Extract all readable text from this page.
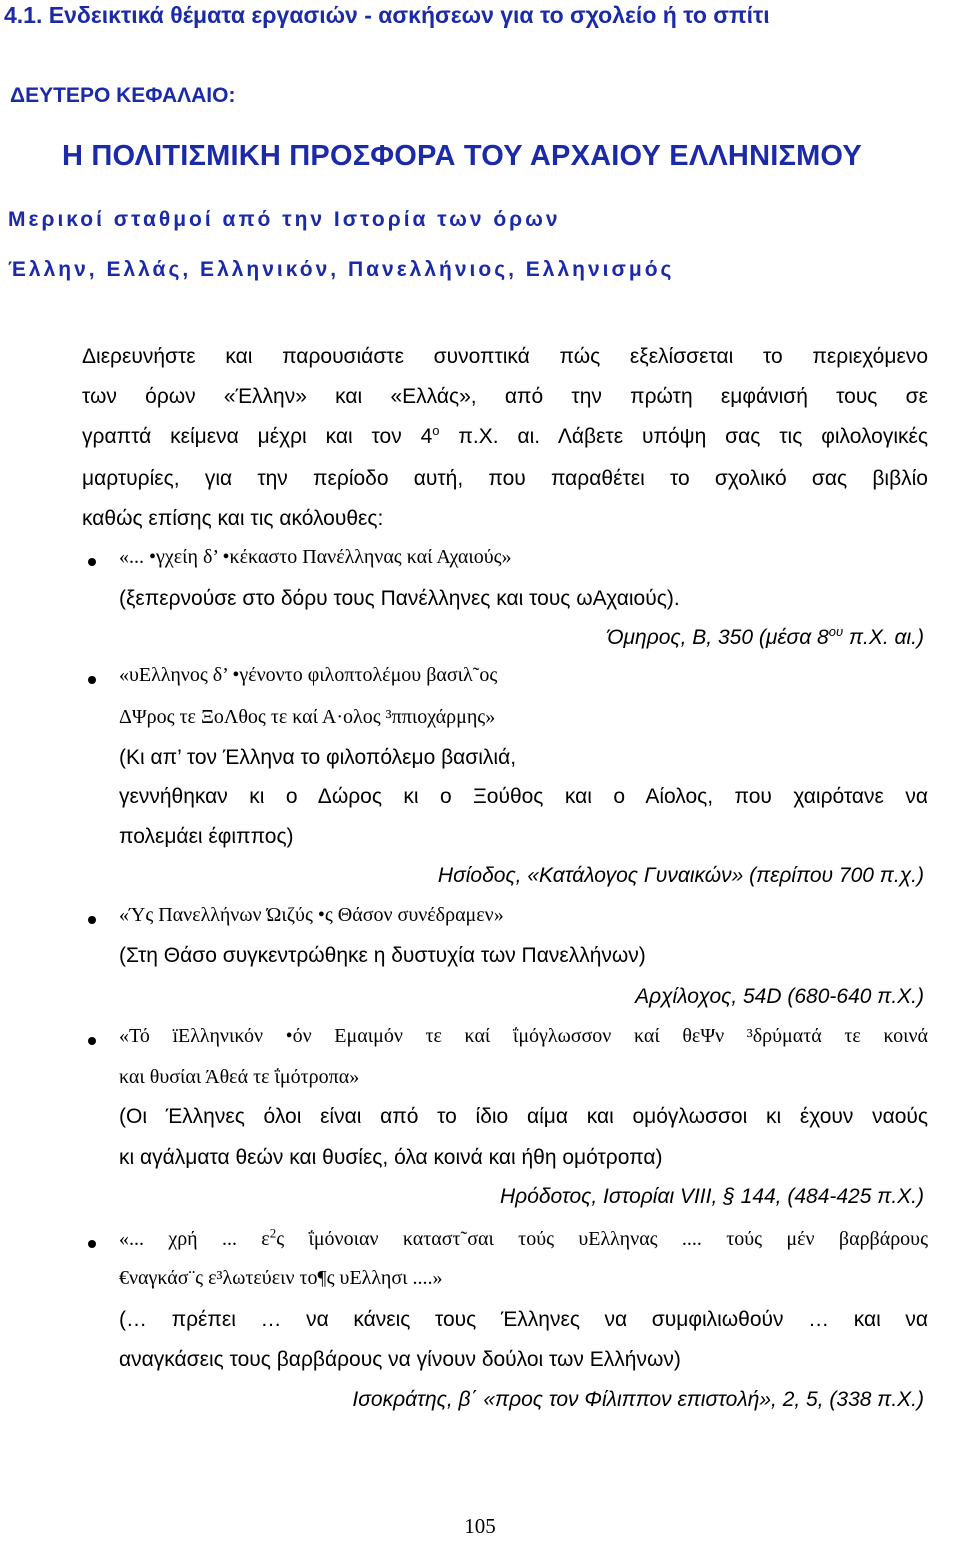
4.1. Ενδεικτικά θέματα εργασιών - ασκήσεων για το σχολείο ή το σπίτι
ΔΕΥΤΕΡΟ ΚΕΦΑΛΑΙΟ:
Η ΠΟΛΙΤΙΣΜΙΚΗ ΠΡΟΣΦΟΡΑ ΤΟΥ ΑΡΧΑΙΟΥ ΕΛΛΗΝΙΣΜΟΥ
Μερικοί σταθμοί από την Ιστορία των όρων
Έλλην, Ελλάς, Ελληνικόν, Πανελλήνιος, Ελληνισμός
Διερευνήστε και παρουσιάστε συνοπτικά πώς εξελίσσεται το περιεχόμενο
των όρων «Έλλην» και «Ελλάς», από την πρώτη εμφάνισή τους σε
γραπτά κείμενα μέχρι και τον $4^o$ π.Χ. αι. Λάβετε υπόψη σας τις φιλολογικές
μαρτυρίες, για την περίοδο αυτή, που παραθέτει το σχολικό σας βιβλίο
καθώς επίσης και τις ακόλουθες:
«... •γχείη δ’ •κέκαστο Πανέλληνας καί Αχαιούς»
(ξεπερνούσε στο δόρυ τους Πανέλληνες και τους ωΑχαιούς).
Όμηρος, Β, 350 (μέσα $8^{o\upsilon}$ π.Χ. αι.)
«υΕλληνος δ’ •γένοντο φιλοπτολέμου βασιλ῀ος
ΔΨρος τε ΞοΛθος τε καί Α·ολος ³ππιοχάρμης»
(Κι απ’ τον Έλληνα το φιλοπόλεμο βασιλιά,
γεννήθηκαν κι ο Δώρος κι ο Ξούθος και ο Αίολος, που χαιρότανε να
πολεμάει έφιππος)
Ησίοδος, «Κατάλογος Γυναικών» (περίπου 700 π.χ.)
«Ύς Πανελλήνων Ώιζύς •ς Θάσον συνέδραμεν»
(Στη Θάσο συγκεντρώθηκε η δυστυχία των Πανελλήνων)
Αρχίλοχος, 54D (680-640 π.Χ.)
«Τό ïΕλληνικόν •όν Εμαιμόν τε καί ΐμόγλωσσον καί θεΨν ³δρύματά τε κοινά
και θυσίαι Άθεά τε ΐμότροπα»
(Οι Έλληνες όλοι είναι από το ίδιο αίμα και ομόγλωσσοι κι έχουν ναούς
κι αγάλματα θεών και θυσίες, όλα κοινά και ήθη ομότροπα)
Ηρόδοτος, Ιστορίαι VIII, § 144, (484-425 π.Χ.)
«... χρή ... $\varepsilon^2\varsigma$ ΐμόνοιαν καταστ῀σαι τούς υΕλληνας .... τούς μέν βαρβάρους
€ναγκάσ¨ς ε³λωτεύειν το¶ς υΕλλησι ....»
(… πρέπει … να κάνεις τους Έλληνες να συμφιλιωθούν … και να
αναγκάσεις τους βαρβάρους να γίνουν δούλοι των Ελλήνων)
Ισοκράτης, β΄ «προς τον Φίλιππον επιστολή», 2, 5, (338 π.Χ.)
105
